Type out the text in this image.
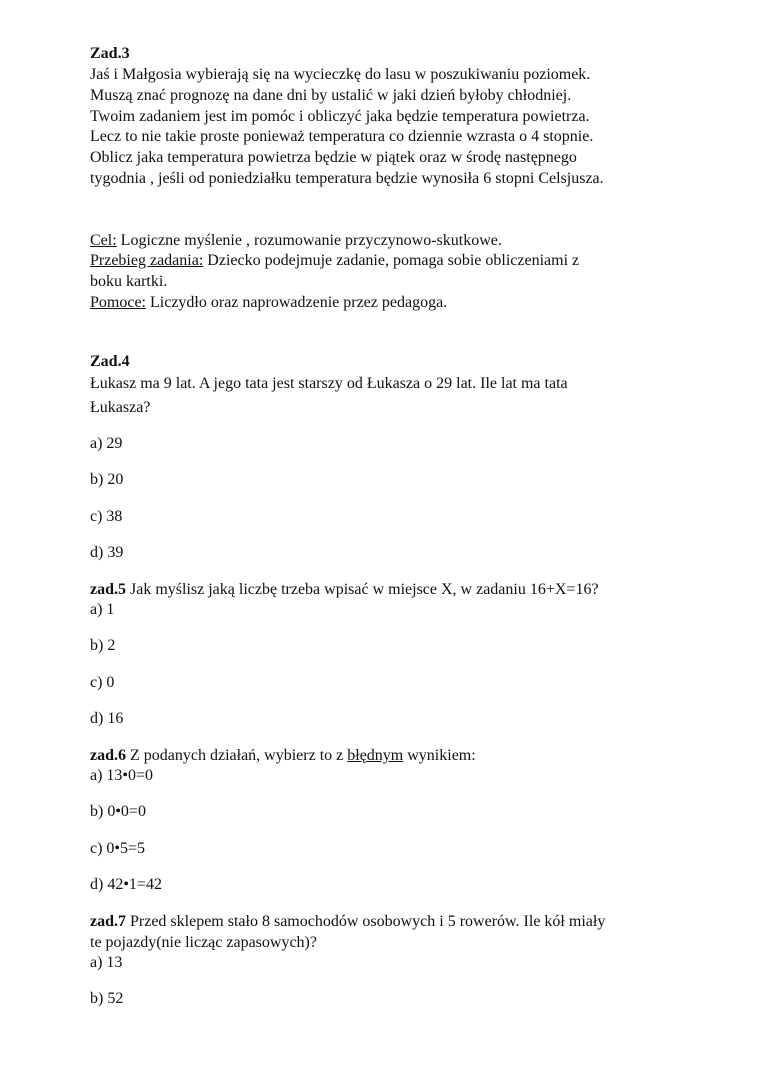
Zad.3
Jaś i Małgosia wybierają się na wycieczkę do lasu w poszukiwaniu poziomek.
Muszą znać prognozę na dane dni by ustalić w jaki dzień byłoby chłodniej.
Twoim zadaniem jest im pomóc i obliczyć jaka będzie temperatura powietrza.
Lecz to nie takie proste ponieważ temperatura co dziennie wzrasta o 4 stopnie.
Oblicz jaka temperatura powietrza będzie w piątek oraz w środę następnego
tygodnia , jeśli od poniedziałku temperatura będzie wynosiła 6 stopni Celsjusza.
Cel: Logiczne myślenie , rozumowanie przyczynowo-skutkowe.
Przebieg zadania: Dziecko podejmuje zadanie, pomaga sobie obliczeniami z
boku kartki.
Pomoce: Liczydło oraz naprowadzenie przez pedagoga.
Zad.4
Łukasz ma 9 lat. A jego tata jest starszy od Łukasza o 29 lat. Ile lat ma tata
Łukasza?
a) 29
b) 20
c) 38
d) 39
zad.5 Jak myślisz jaką liczbę trzeba wpisać w miejsce X, w zadaniu 16+X=16?
a) 1
b) 2
c) 0
d) 16
zad.6 Z podanych działań, wybierz to z błędnym wynikiem:
a) 13•0=0
b) 0•0=0
c) 0•5=5
d) 42•1=42
zad.7 Przed sklepem stało 8 samochodów osobowych i 5 rowerów. Ile kół miały
te pojazdy(nie licząc zapasowych)?
a) 13
b) 52
